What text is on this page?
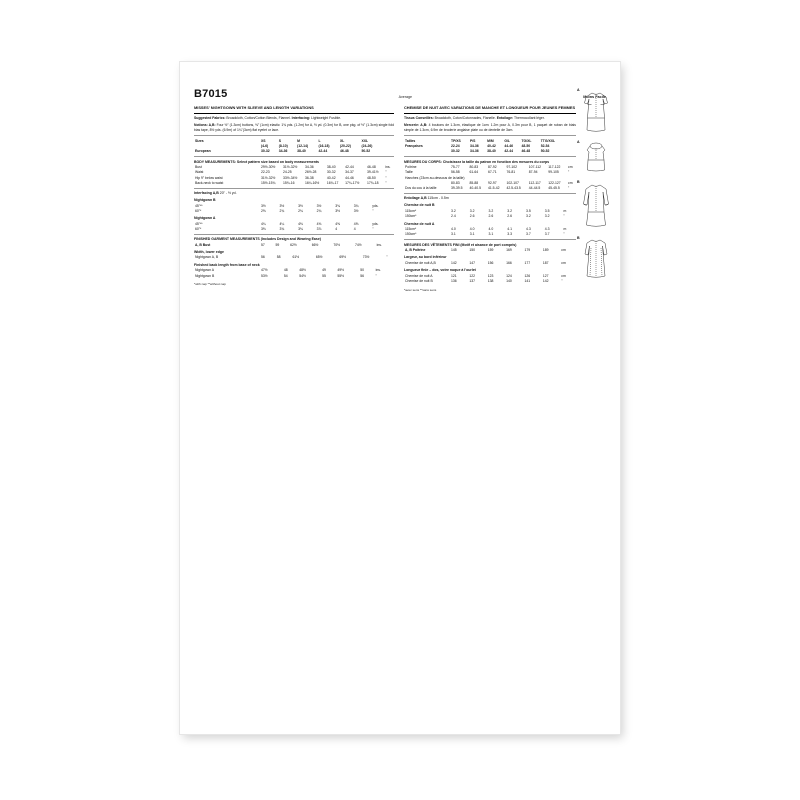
B7015	Average	Moins Facile
MISSES' NIGHTGOWN WITH SLEEVE AND LENGTH VARIATIONS
Suggested Fabrics: Broadcloth, Cotton/Cotton Blends, Flannel. Interfacing: Lightweight Fusible.
Notions: A,B: Four ½" (1.3cm) buttons, ⅜" (1cm) elastic: 1¾ yds. (1.2m) for A, ½ yd. (0.3m) for B, one pkg. of ½" (1.3cm) single fold bias tape, 8½ yds. (6.9m) of 1¼"(3cm) flat eyelet or lace.
Sizes	XS	S	M	L	XL	XXL	
	(4-6)	(8-10)	(12-14)	(16-18)	(20-22)	(24-26)	
European	30-32	34-36	38-40	42-44	46-48	50-52	
BODY MEASUREMENTS: Select pattern size based on body measurements
Bust	29½-30½	31½-32½	34-36	38-40	42-44	46-48	ins.
Waist	22-23	24-25	26½-28	30-32	34-37	39-41½	"
Hip 9" below waist	31½-32½	33½-34½	36-38	40-42	44-46	48-50	"
Back-neck to waist	15½-15¾	15¾-16	16¼-16½	16¾-17	17¼-17½	17¾-18	"
Interfacing A,B 20" - ½ yd.
Nightgown B
45"**	3½	3½	3½	3½	3¾	3¾	yds.
60"*	2⅝	2¾	2¾	2¾	3½	3½	"
Nightgown A
45"**	4¼	4¼	4⅜	4⅜	4⅝	4⅝	yds.
60"*	3⅜	3¾	3¾	3⅞	4	4	"
FINISHED GARMENT MEASUREMENTS (Includes Design and Wearing Ease)
A, B Bust	57	59	62½	66½	70½	74½	ins.
Width, lower edge
Nightgown A, B	56	58	61½	65½	69½	73½	"
Finished back length from base of neck
Nightgown A	47½	48	48½	49	49½	50	ins.
Nightgown B	53½	54	54½	55	55½	56	"
*with nap **without nap
CHEMISE DE NUIT AVEC VARIATIONS DE MANCHE ET LONGUEUR POUR JEUNES FEMMES
Tissus Conseillés: Broadcloth, Coton/Cotonnades, Flanelle. Entoilage: Thermocollant léger.
Mercerie: A,B: 4 boutons de 1.3cm, élastique de 1cm: 1.2m pour A, 0.3m pour B, 1 paquet de ruban de biais simple de 1.3cm, 6.9m de broderie anglaise plate ou de dentelle de 3cm.
Tailles	TP/XS	P/S	M/M	G/L	TG/XL	TTG/XXL	
Françaises	22-24	34-36	40-42	44-46	48-50	52-54	
	30-32	34-36	38-40	42-44	46-48	50-52	
MESURES DU CORPS: Choisissez la taille du patron en fonction des mesures du corps
Poitrine	75-77	80-83	87-92	97-102	107-112	117-122	cm
Taille	56-58	61-64	67-71	76-81	87-94	99-105	"
Hanches (23cm au-dessous de la taille)							
	80-83	85-88	92-97	102-107	112-117	122-127	cm
Dos du cou à la taille	39-39.5	40-40.5	41.5-42	42.5-43.5	44-44.5	45-45.5	"
Entoilage A,B 115cm - 0.5m
Chemise de nuit B
115cm*	3.2	3.2	3.2	3.2	3.5	3.5	m
150cm*	2.4	2.6	2.6	2.6	3.2	3.2	"
Chemise de nuit A
115cm*	4.0	4.0	4.0	4.1	4.3	4.3	m
150cm*	3.1	3.1	3.1	3.3	3.7	3.7	"
MESURES DES VÊTEMENTS FINI (Motif et aisance de port compris)
A, B Poitrine	145	150	159	169	179	189	cm
Largeur, au bord inférieur
Chemise de nuit A,B	142	147	156	166	177	187	cm
Longueur finie – dos, votre nuque à l'ourlet
Chemise de nuit A	121	122	123	124	126	127	cm
Chemise de nuit B	136	137	138	140	141	142	"
*avec sens **sans sens
A
A
B
B
